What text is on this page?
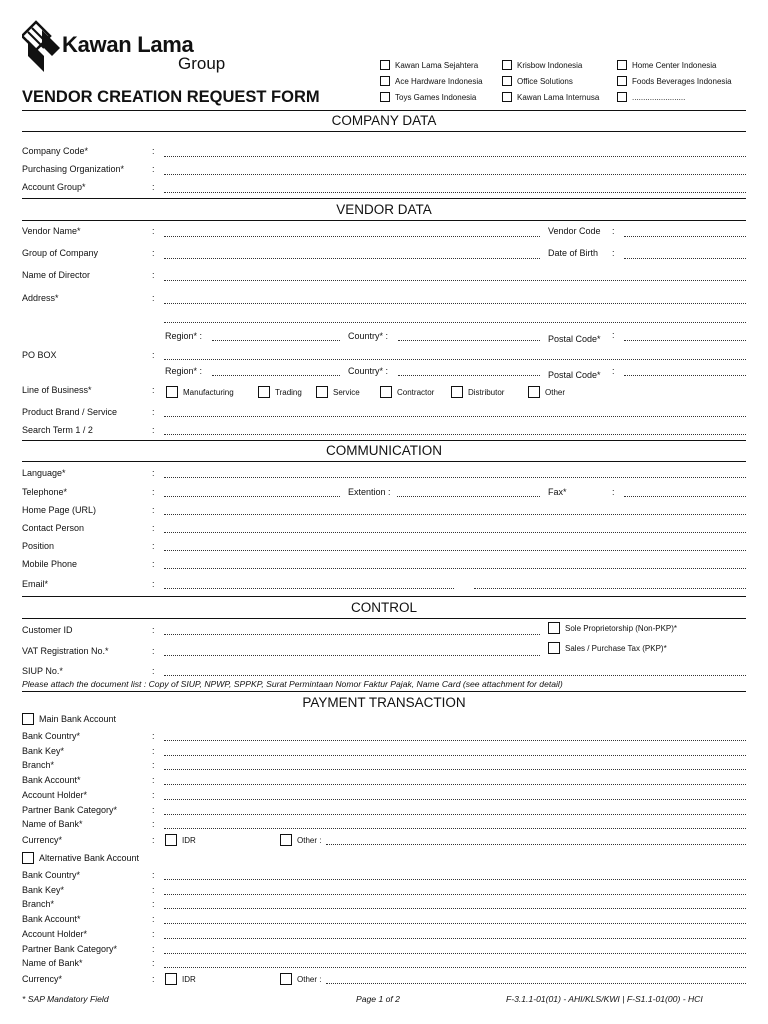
Kawan Lama
Group
VENDOR CREATION REQUEST FORM
Kawan Lama Sejahtera	Krisbow Indonesia	Home Center Indonesia
Ace Hardware Indonesia	Office Solutions	Foods Beverages Indonesia
Toys Games Indonesia	Kawan Lama Internusa	........................
COMPANY DATA
Company Code*	:
Purchasing Organization*	:
Account Group*	:
VENDOR DATA
Vendor Name*	:	Vendor Code :
Group of Company	:	Date of Birth :
Name of Director	:
Address*	:
Region* :	Country* :	Postal Code* :
PO BOX	:
Region* :	Country* :	Postal Code* :
Line of Business*	:	Manufacturing	Trading	Service	Contractor	Distributor	Other
Product Brand / Service	:
Search Term 1 / 2	:
COMMUNICATION
Language*	:
Telephone*	:	Extention :	Fax*	:
Home Page (URL)	:
Contact Person	:
Position	:
Mobile Phone	:
Email*	:
CONTROL
Customer ID	:	Sole Proprietorship (Non-PKP)*
VAT Registration No.*	:	Sales / Purchase Tax (PKP)*
SIUP No.*	:
Please attach the document list : Copy of SIUP, NPWP, SPPKP, Surat Permintaan Nomor Faktur Pajak, Name Card (see attachment for detail)
PAYMENT TRANSACTION
Main Bank Account
Bank Country*	:
Bank Key*	:
Branch*	:
Bank Account*	:
Account Holder*	:
Partner Bank Category*	:
Name of Bank*	:
Currency*	:	IDR	Other :
Alternative Bank Account
Bank Country*	:
Bank Key*	:
Branch*	:
Bank Account*	:
Account Holder*	:
Partner Bank Category*	:
Name of Bank*	:
Currency*	:	IDR	Other :
* SAP Mandatory Field	Page 1 of 2	F-3.1.1-01(01) - AHI/KLS/KWI | F-S1.1-01(00) - HCI
